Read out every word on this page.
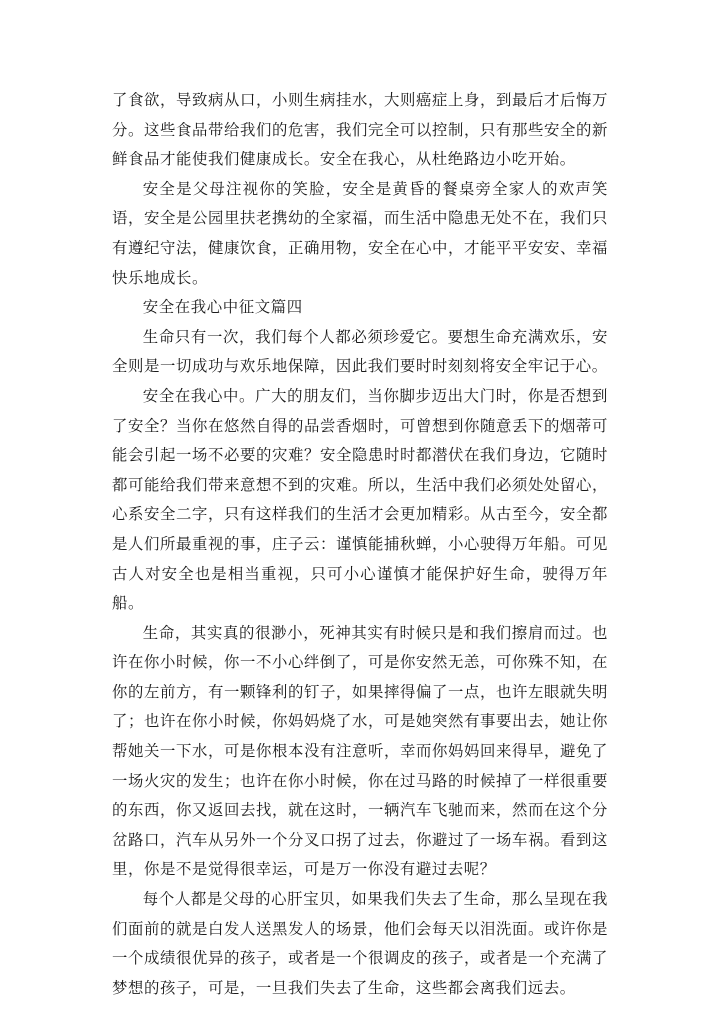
了食欲，导致病从口，小则生病挂水，大则癌症上身，到最后才后悔万分。这些食品带给我们的危害，我们完全可以控制，只有那些安全的新鲜食品才能使我们健康成长。安全在我心，从杜绝路边小吃开始。

安全是父母注视你的笑脸，安全是黄昏的餐桌旁全家人的欢声笑语，安全是公园里扶老携幼的全家福，而生活中隐患无处不在，我们只有遵纪守法，健康饮食，正确用物，安全在心中，才能平平安安、幸福快乐地成长。

安全在我心中征文篇四

生命只有一次，我们每个人都必须珍爱它。要想生命充满欢乐，安全则是一切成功与欢乐地保障，因此我们要时时刻刻将安全牢记于心。

安全在我心中。广大的朋友们，当你脚步迈出大门时，你是否想到了安全？当你在悠然自得的品尝香烟时，可曾想到你随意丢下的烟蒂可能会引起一场不必要的灾难？安全隐患时时都潜伏在我们身边，它随时都可能给我们带来意想不到的灾难。所以，生活中我们必须处处留心，心系安全二字，只有这样我们的生活才会更加精彩。从古至今，安全都是人们所最重视的事，庄子云：谨慎能捕秋蝉，小心驶得万年船。可见古人对安全也是相当重视，只可小心谨慎才能保护好生命，驶得万年船。

生命，其实真的很渺小，死神其实有时候只是和我们擦肩而过。也许在你小时候，你一不小心绊倒了，可是你安然无恙，可你殊不知，在你的左前方，有一颗锋利的钉子，如果摔得偏了一点，也许左眼就失明了；也许在你小时候，你妈妈烧了水，可是她突然有事要出去，她让你帮她关一下水，可是你根本没有注意听，幸而你妈妈回来得早，避免了一场火灾的发生；也许在你小时候，你在过马路的时候掉了一样很重要的东西，你又返回去找，就在这时，一辆汽车飞驰而来，然而在这个分岔路口，汽车从另外一个分叉口拐了过去，你避过了一场车祸。看到这里，你是不是觉得很幸运，可是万一你没有避过去呢？

每个人都是父母的心肝宝贝，如果我们失去了生命，那么呈现在我们面前的就是白发人送黑发人的场景，他们会每天以泪洗面。或许你是一个成绩很优异的孩子，或者是一个很调皮的孩子，或者是一个充满了梦想的孩子，可是，一旦我们失去了生命，这些都会离我们远去。
